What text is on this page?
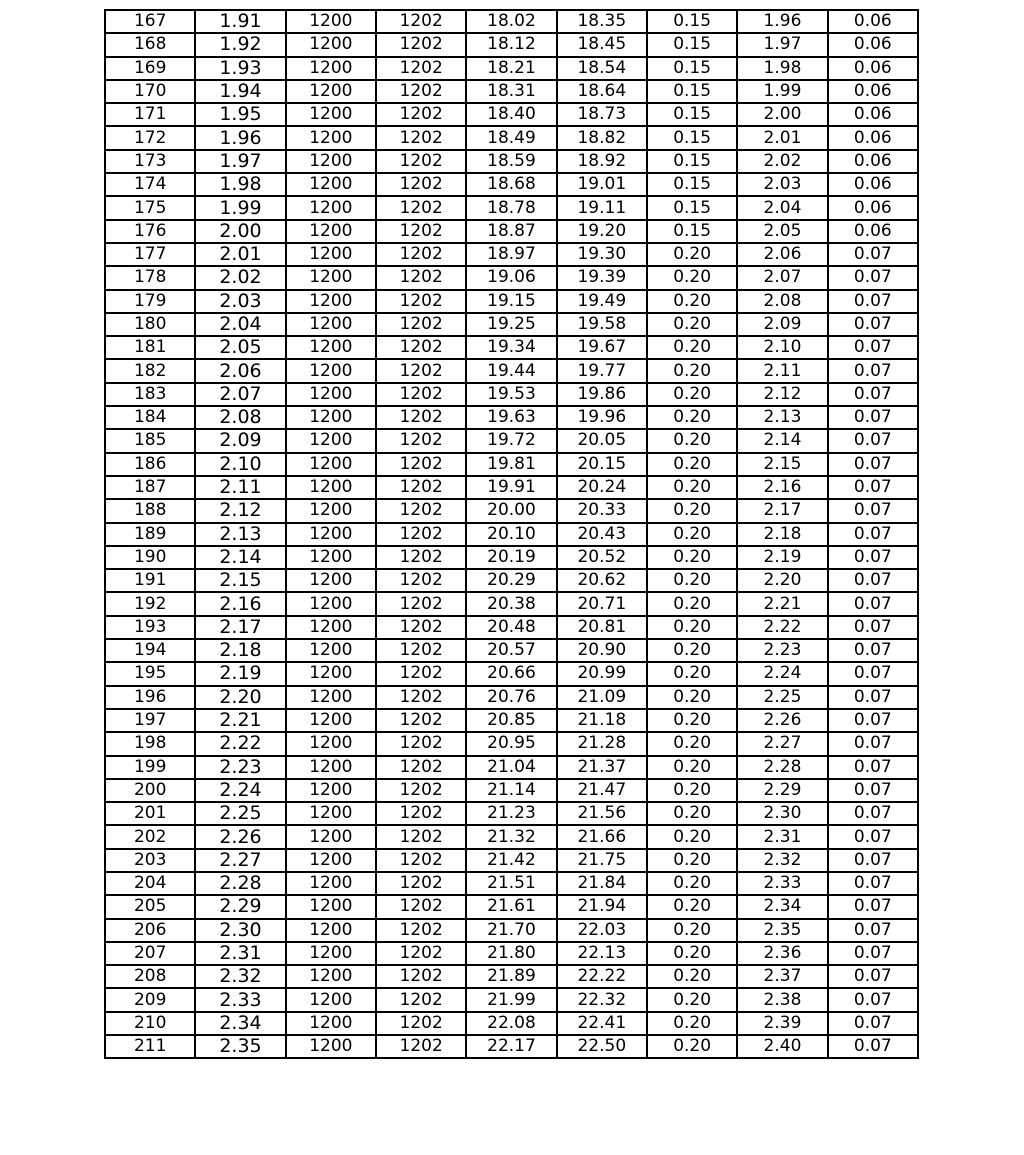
167	1.91	1200	1202	18.02	18.35	0.15	1.96	0.06
168	1.92	1200	1202	18.12	18.45	0.15	1.97	0.06
169	1.93	1200	1202	18.21	18.54	0.15	1.98	0.06
170	1.94	1200	1202	18.31	18.64	0.15	1.99	0.06
171	1.95	1200	1202	18.40	18.73	0.15	2.00	0.06
172	1.96	1200	1202	18.49	18.82	0.15	2.01	0.06
173	1.97	1200	1202	18.59	18.92	0.15	2.02	0.06
174	1.98	1200	1202	18.68	19.01	0.15	2.03	0.06
175	1.99	1200	1202	18.78	19.11	0.15	2.04	0.06
176	2.00	1200	1202	18.87	19.20	0.15	2.05	0.06
177	2.01	1200	1202	18.97	19.30	0.20	2.06	0.07
178	2.02	1200	1202	19.06	19.39	0.20	2.07	0.07
179	2.03	1200	1202	19.15	19.49	0.20	2.08	0.07
180	2.04	1200	1202	19.25	19.58	0.20	2.09	0.07
181	2.05	1200	1202	19.34	19.67	0.20	2.10	0.07
182	2.06	1200	1202	19.44	19.77	0.20	2.11	0.07
183	2.07	1200	1202	19.53	19.86	0.20	2.12	0.07
184	2.08	1200	1202	19.63	19.96	0.20	2.13	0.07
185	2.09	1200	1202	19.72	20.05	0.20	2.14	0.07
186	2.10	1200	1202	19.81	20.15	0.20	2.15	0.07
187	2.11	1200	1202	19.91	20.24	0.20	2.16	0.07
188	2.12	1200	1202	20.00	20.33	0.20	2.17	0.07
189	2.13	1200	1202	20.10	20.43	0.20	2.18	0.07
190	2.14	1200	1202	20.19	20.52	0.20	2.19	0.07
191	2.15	1200	1202	20.29	20.62	0.20	2.20	0.07
192	2.16	1200	1202	20.38	20.71	0.20	2.21	0.07
193	2.17	1200	1202	20.48	20.81	0.20	2.22	0.07
194	2.18	1200	1202	20.57	20.90	0.20	2.23	0.07
195	2.19	1200	1202	20.66	20.99	0.20	2.24	0.07
196	2.20	1200	1202	20.76	21.09	0.20	2.25	0.07
197	2.21	1200	1202	20.85	21.18	0.20	2.26	0.07
198	2.22	1200	1202	20.95	21.28	0.20	2.27	0.07
199	2.23	1200	1202	21.04	21.37	0.20	2.28	0.07
200	2.24	1200	1202	21.14	21.47	0.20	2.29	0.07
201	2.25	1200	1202	21.23	21.56	0.20	2.30	0.07
202	2.26	1200	1202	21.32	21.66	0.20	2.31	0.07
203	2.27	1200	1202	21.42	21.75	0.20	2.32	0.07
204	2.28	1200	1202	21.51	21.84	0.20	2.33	0.07
205	2.29	1200	1202	21.61	21.94	0.20	2.34	0.07
206	2.30	1200	1202	21.70	22.03	0.20	2.35	0.07
207	2.31	1200	1202	21.80	22.13	0.20	2.36	0.07
208	2.32	1200	1202	21.89	22.22	0.20	2.37	0.07
209	2.33	1200	1202	21.99	22.32	0.20	2.38	0.07
210	2.34	1200	1202	22.08	22.41	0.20	2.39	0.07
211	2.35	1200	1202	22.17	22.50	0.20	2.40	0.07
